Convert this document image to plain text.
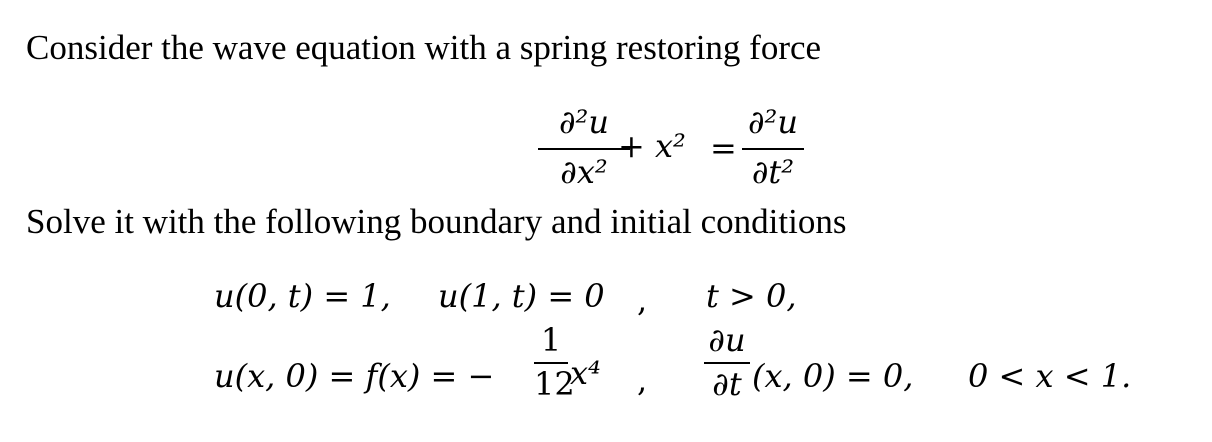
Consider the wave equation with a spring restoring force
∂²u
∂x²
+ x² =
∂²u
∂t²
Solve it with the following boundary and initial conditions
u(0, t) = 1, u(1, t) = 0 , t > 0,
u(x, 0) = f(x) = −
1
12
x⁴ ,
∂u
∂t (x, 0) = 0, 0 < x < 1.
